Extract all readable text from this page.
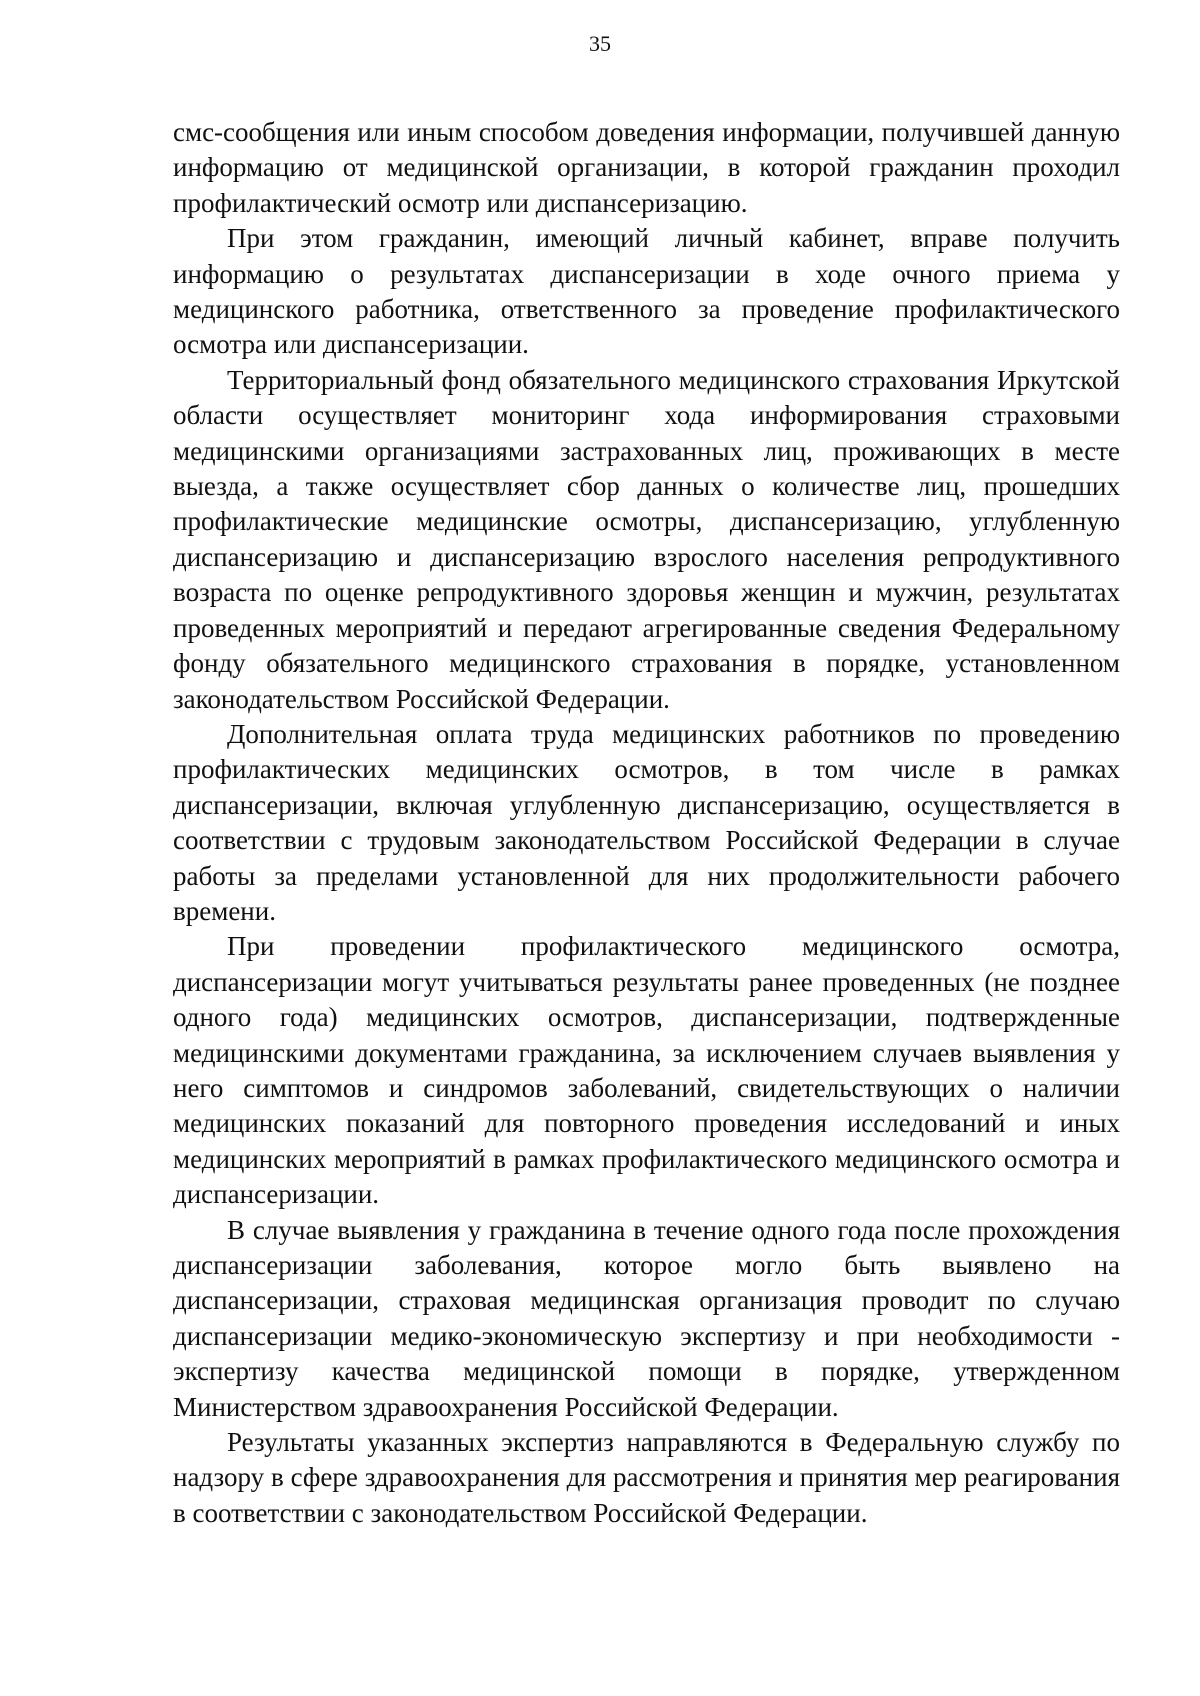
35

смс-сообщения или иным способом доведения информации, получившей данную информацию от медицинской организации, в которой гражданин проходил профилактический осмотр или диспансеризацию.

При этом гражданин, имеющий личный кабинет, вправе получить информацию о результатах диспансеризации в ходе очного приема у медицинского работника, ответственного за проведение профилактического осмотра или диспансеризации.

Территориальный фонд обязательного медицинского страхования Иркутской области осуществляет мониторинг хода информирования страховыми медицинскими организациями застрахованных лиц, проживающих в месте выезда, а также осуществляет сбор данных о количестве лиц, прошедших профилактические медицинские осмотры, диспансеризацию, углубленную диспансеризацию и диспансеризацию взрослого населения репродуктивного возраста по оценке репродуктивного здоровья женщин и мужчин, результатах проведенных мероприятий и передают агрегированные сведения Федеральному фонду обязательного медицинского страхования в порядке, установленном законодательством Российской Федерации.

Дополнительная оплата труда медицинских работников по проведению профилактических медицинских осмотров, в том числе в рамках диспансеризации, включая углубленную диспансеризацию, осуществляется в соответствии с трудовым законодательством Российской Федерации в случае работы за пределами установленной для них продолжительности рабочего времени.

При проведении профилактического медицинского осмотра, диспансеризации могут учитываться результаты ранее проведенных (не позднее одного года) медицинских осмотров, диспансеризации, подтвержденные медицинскими документами гражданина, за исключением случаев выявления у него симптомов и синдромов заболеваний, свидетельствующих о наличии медицинских показаний для повторного проведения исследований и иных медицинских мероприятий в рамках профилактического медицинского осмотра и диспансеризации.

В случае выявления у гражданина в течение одного года после прохождения диспансеризации заболевания, которое могло быть выявлено на диспансеризации, страховая медицинская организация проводит по случаю диспансеризации медико-экономическую экспертизу и при необходимости - экспертизу качества медицинской помощи в порядке, утвержденном Министерством здравоохранения Российской Федерации.

Результаты указанных экспертиз направляются в Федеральную службу по надзору в сфере здравоохранения для рассмотрения и принятия мер реагирования в соответствии с законодательством Российской Федерации.
